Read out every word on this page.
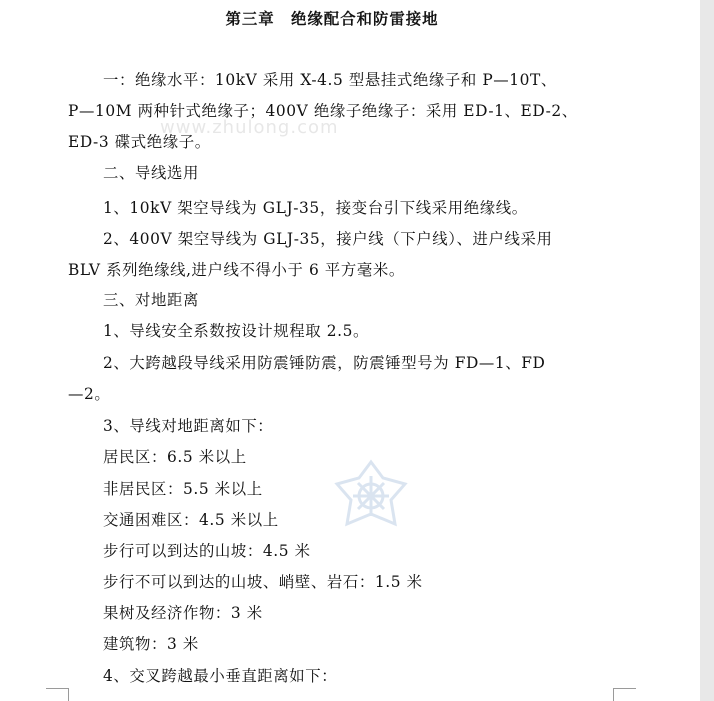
www.zhulong.com
第三章　绝缘配合和防雷接地
一：绝缘水平：10kV 采用 X-4.5 型悬挂式绝缘子和 P—10T、
P—10M 两种针式绝缘子；400V 绝缘子绝缘子：采用 ED-1、ED-2、
ED-3 碟式绝缘子。
二、导线选用
1、10kV 架空导线为 GLJ-35，接变台引下线采用绝缘线。
2、400V 架空导线为 GLJ-35，接户线（下户线）、进户线采用
BLV 系列绝缘线,进户线不得小于 6 平方毫米。
三、对地距离
1、导线安全系数按设计规程取 2.5。
2、大跨越段导线采用防震锤防震，防震锤型号为 FD—1、FD
—2。
3、导线对地距离如下：
居民区：6.5 米以上
非居民区：5.5 米以上
交通困难区：4.5 米以上
步行可以到达的山坡：4.5 米
步行不可以到达的山坡、峭壁、岩石：1.5 米
果树及经济作物：3 米
建筑物：3 米
4、交叉跨越最小垂直距离如下：
